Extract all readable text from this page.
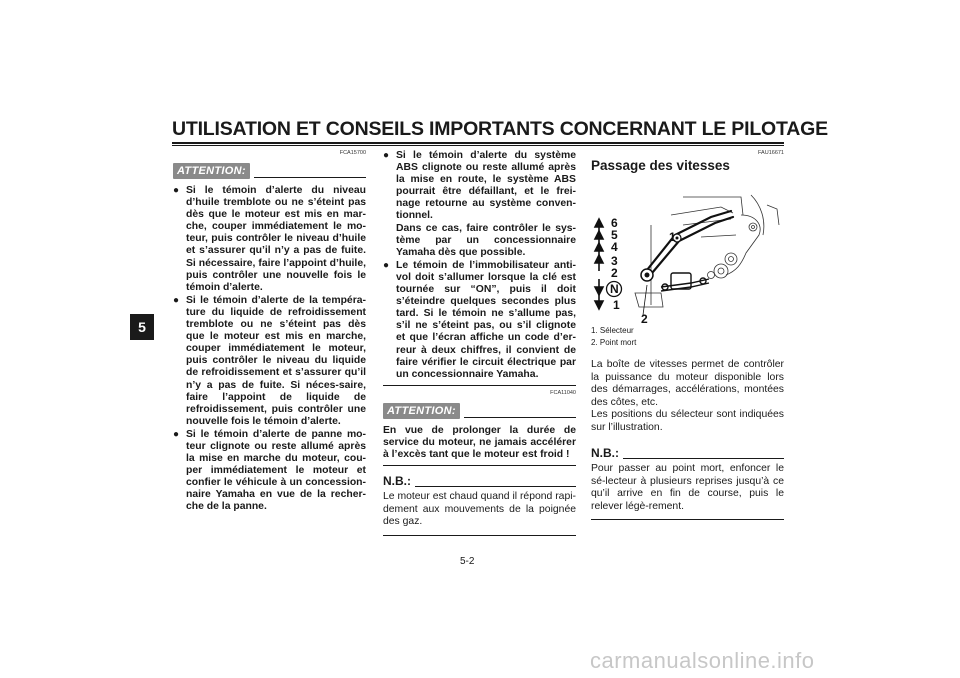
UTILISATION ET CONSEILS IMPORTANTS CONCERNANT LE PILOTAGE
5
FCA15700
ATTENTION:
● Si le témoin d’alerte du niveau d’huile tremblote ou ne s’éteint pas dès que le moteur est mis en mar-che, couper immédiatement le mo-teur, puis contrôler le niveau d’huile et s’assurer qu’il n’y a pas de fuite. Si nécessaire, faire l’appoint d’huile, puis contrôler une nouvelle fois le témoin d’alerte.
● Si le témoin d’alerte de la tempéra-ture du liquide de refroidissement tremblote ou ne s’éteint pas dès que le moteur est mis en marche, couper immédiatement le moteur, puis contrôler le niveau du liquide de refroidissement et s’assurer qu’il n’y a pas de fuite. Si néces-saire, faire l’appoint de liquide de refroidissement, puis contrôler une nouvelle fois le témoin d’alerte.
● Si le témoin d’alerte de panne mo-teur clignote ou reste allumé après la mise en marche du moteur, cou-per immédiatement le moteur et confier le véhicule à un concession-naire Yamaha en vue de la recher-che de la panne.
● Si le témoin d’alerte du système ABS clignote ou reste allumé après la mise en route, le système ABS pourrait être défaillant, et le frei-nage retourne au système conven-tionnel.
Dans ce cas, faire contrôler le sys-tème par un concessionnaire Yamaha dès que possible.
● Le témoin de l’immobilisateur anti-vol doit s’allumer lorsque la clé est tournée sur “ON”, puis il doit s’éteindre quelques secondes plus tard. Si le témoin ne s’allume pas, s’il ne s’éteint pas, ou s’il clignote et que l’écran affiche un code d’er-reur à deux chiffres, il convient de faire vérifier le circuit électrique par un concessionnaire Yamaha.
FCA11040
ATTENTION:
En vue de prolonger la durée de service du moteur, ne jamais accélérer à l’excès tant que le moteur est froid !
N.B.:
Le moteur est chaud quand il répond rapi-dement aux mouvements de la poignée des gaz.
FAU16671
Passage des vitesses
6
5
4
3
2
N
1
1
2
1. Sélecteur
2. Point mort
La boîte de vitesses permet de contrôler la puissance du moteur disponible lors des démarrages, accélérations, montées des côtes, etc.
Les positions du sélecteur sont indiquées sur l’illustration.
N.B.:
Pour passer au point mort, enfoncer le sé-lecteur à plusieurs reprises jusqu’à ce qu’il arrive en fin de course, puis le relever légè-rement.
5-2
carmanualsonline.info
